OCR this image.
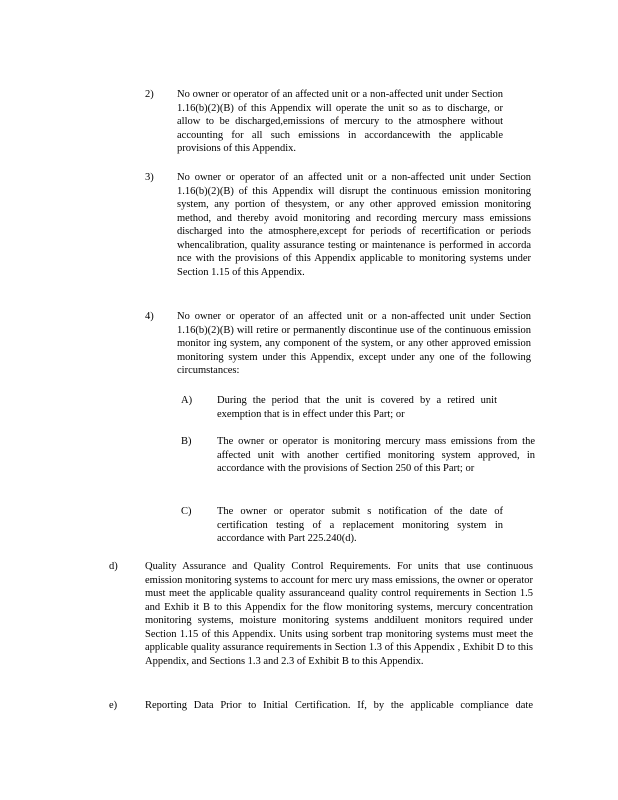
2) No owner or operator of an affected unit or a non-affected unit under Section 1.16(b)(2)(B) of this Appendix will operate the unit so as to discharge, or allow to be discharged,emissions of mercury to the atmosphere without accounting for all such emissions in accordancewith the applicable provisions of this Appendix.
3) No owner or operator of an affected unit or a non-affected unit under Section 1.16(b)(2)(B) of this Appendix will disrupt the continuous emission monitoring system, any portion of thesystem, or any other approved emission monitoring method, and thereby avoid monitoring and recording mercury mass emissions discharged into the atmosphere,except for periods of recertification or periods whencalibration, quality assurance testing or maintenance is performed in accorda nce with the provisions of this Appendix applicable to monitoring systems under Section 1.15 of this Appendix.
4) No owner or operator of an affected unit or a non-affected unit under Section 1.16(b)(2)(B) will retire or permanently discontinue use of the continuous emission monitor ing system, any component of the system, or any other approved emission monitoring system under this Appendix, except under any one of the following circumstances:
A) During the period that the unit is covered by a retired unit exemption that is in effect under this Part; or
B) The owner or operator is monitoring mercury mass emissions from the affected unit with another certified monitoring system approved, in accordance with the provisions of Section 250 of this Part; or
C) The owner or operator submit s notification of the date of certification testing of a replacement monitoring system in accordance with Part 225.240(d).
d)	Quality Assurance and Quality Control Requirements. For units that use continuous emission monitoring systems to account for merc ury mass emissions, the owner or operator must meet the applicable quality assuranceand quality control requirements in Section 1.5 and Exhib it B to this Appendix for the flow monitoring systems, mercury concentration monitoring systems, moisture monitoring systems anddiluent monitors required under Section 1.15 of this Appendix. Units using sorbent trap monitoring systems must meet the applicable quality assurance requirements in Section 1.3 of this Appendix , Exhibit D to this Appendix, and Sections 1.3 and 2.3 of Exhibit B to this Appendix.
e)	Reporting Data Prior to Initial Certification. If, by the applicable compliance date
